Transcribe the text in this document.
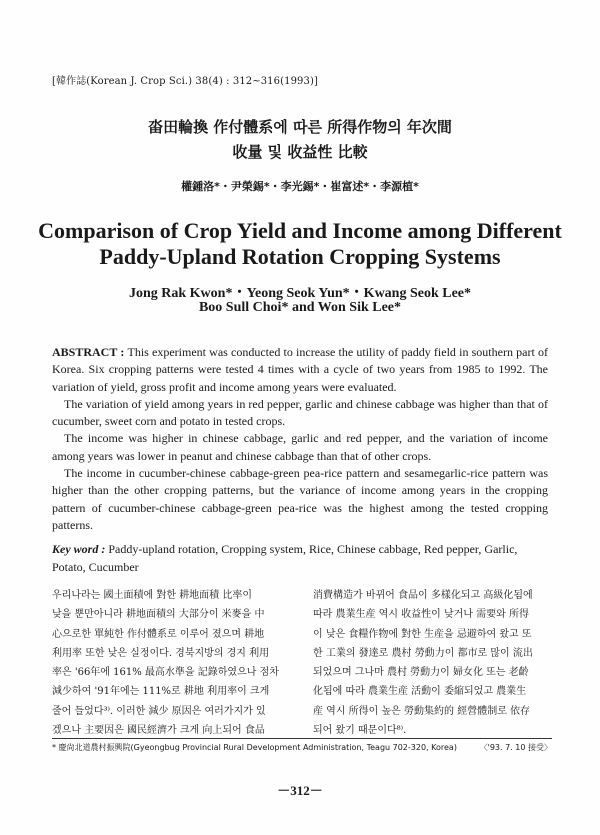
[韓作誌(Korean J. Crop Sci.) 38(4) : 312~316(1993)]
畓田輪換 作付體系에 따른 所得作物의 年次間
收量 및 收益性 比較
權鍾洛*・尹榮錫*・李光錫*・崔富述*・李源植*
Comparison of Crop Yield and Income among Different
Paddy-Upland Rotation Cropping Systems
Jong Rak Kwon*・Yeong Seok Yun*・Kwang Seok Lee*
Boo Sull Choi* and Won Sik Lee*

ABSTRACT : This experiment was conducted to increase the utility of paddy field in southern part of Korea. Six cropping patterns were tested 4 times with a cycle of two years from 1985 to 1992. The variation of yield, gross profit and income among years were evaluated.

The variation of yield among years in red pepper, garlic and chinese cabbage was higher than that of cucumber, sweet corn and potato in tested crops.

The income was higher in chinese cabbage, garlic and red pepper, and the variation of income among years was lower in peanut and chinese cabbage than that of other crops.

The income in cucumber-chinese cabbage-green pea-rice pattern and sesamegarlic-rice pattern was higher than the other cropping patterns, but the variance of income among years in the cropping pattern of cucumber-chinese cabbage-green pea-rice was the highest among the tested cropping patterns.

Key word : Paddy-upland rotation, Cropping system, Rice, Chinese cabbage, Red pepper, Garlic, Potato, Cucumber
우리나라는 國土面積에 對한 耕地面積 比率이
낮을 뿐만아니라 耕地面積의 大部分이 米麥을 中
心으로한 單純한 作付體系로 이루어 졌으며 耕地
利用率 또한 낮은 실정이다. 경북지방의 경지 利用
率은 '66年에 161% 最高水準을 記錄하였으나 점차
減少하여 '91年에는 111%로 耕地 利用率이 크게
줄어 들었다³⁾. 이러한 減少 原因은 여러가지가 있
겠으나 主要因은 國民經濟가 크게 向上되어 食品
消費構造가 바뀌어 食品이 多樣化되고 高級化됨에
따라 農業生産 역시 收益性이 낮거나 需要와 所得
이 낮은 食糧作物에 對한 生産을 忌避하여 왔고 또
한 工業의 發達로 農村 勞動力이 都市로 많이 流出
되었으며 그나마 農村 勞動力이 婦女化 또는 老齡
化됨에 따라 農業生産 活動이 委縮되었고 農業生
産 역시 所得이 높은 勞動集約的 經營體制로 依存
되어 왔기 때문이다⁸⁾.
* 慶尙北道農村振興院(Gyeongbug Provincial Rural Development Administration, Teagu 702-320, Korea)	〈'93. 7. 10 接受〉
－312－
